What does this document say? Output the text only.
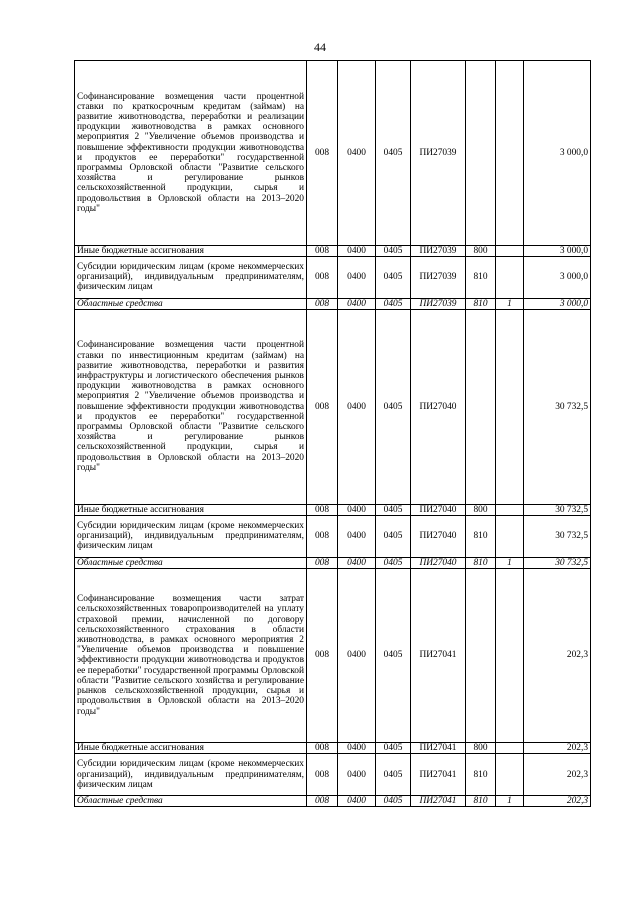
44
Софинансирование возмещения части процентной ставки по краткосрочным кредитам (займам) на развитие животноводства, переработки и реализации продукции животноводства в рамках основного мероприятия 2 "Увеличение объемов производства и повышение эффективности продукции животноводства и продуктов ее переработки" государственной программы Орловской области "Развитие сельского хозяйства и регулирование рынков сельскохозяйственной продукции, сырья и продовольствия в Орловской области на 2013–2020 годы"	008	0400	0405	ПИ27039			3 000,0
Иные бюджетные ассигнования	008	0400	0405	ПИ27039	800		3 000,0
Субсидии юридическим лицам (кроме некоммерческих организаций), индивидуальным предпринимателям, физическим лицам	008	0400	0405	ПИ27039	810		3 000,0
Областные средства	008	0400	0405	ПИ27039	810	1	3 000,0
Софинансирование возмещения части процентной ставки по инвестиционным кредитам (займам) на развитие животноводства, переработки и развития инфраструктуры и логистического обеспечения рынков продукции животноводства в рамках основного мероприятия 2 "Увеличение объемов производства и повышение эффективности продукции животноводства и продуктов ее переработки" государственной программы Орловской области "Развитие сельского хозяйства и регулирование рынков сельскохозяйственной продукции, сырья и продовольствия в Орловской области на 2013–2020 годы"	008	0400	0405	ПИ27040			30 732,5
Иные бюджетные ассигнования	008	0400	0405	ПИ27040	800		30 732,5
Субсидии юридическим лицам (кроме некоммерческих организаций), индивидуальным предпринимателям, физическим лицам	008	0400	0405	ПИ27040	810		30 732,5
Областные средства	008	0400	0405	ПИ27040	810	1	30 732,5
Софинансирование возмещения части затрат сельскохозяйственных товаропроизводителей на уплату страховой премии, начисленной по договору сельскохозяйственного страхования в области животноводства, в рамках основного мероприятия 2 "Увеличение объемов производства и повышение эффективности продукции животноводства и продуктов ее переработки" государственной программы Орловской области "Развитие сельского хозяйства и регулирование рынков сельскохозяйственной продукции, сырья и продовольствия в Орловской области на 2013–2020 годы"	008	0400	0405	ПИ27041			202,3
Иные бюджетные ассигнования	008	0400	0405	ПИ27041	800		202,3
Субсидии юридическим лицам (кроме некоммерческих организаций), индивидуальным предпринимателям, физическим лицам	008	0400	0405	ПИ27041	810		202,3
Областные средства	008	0400	0405	ПИ27041	810	1	202,3
